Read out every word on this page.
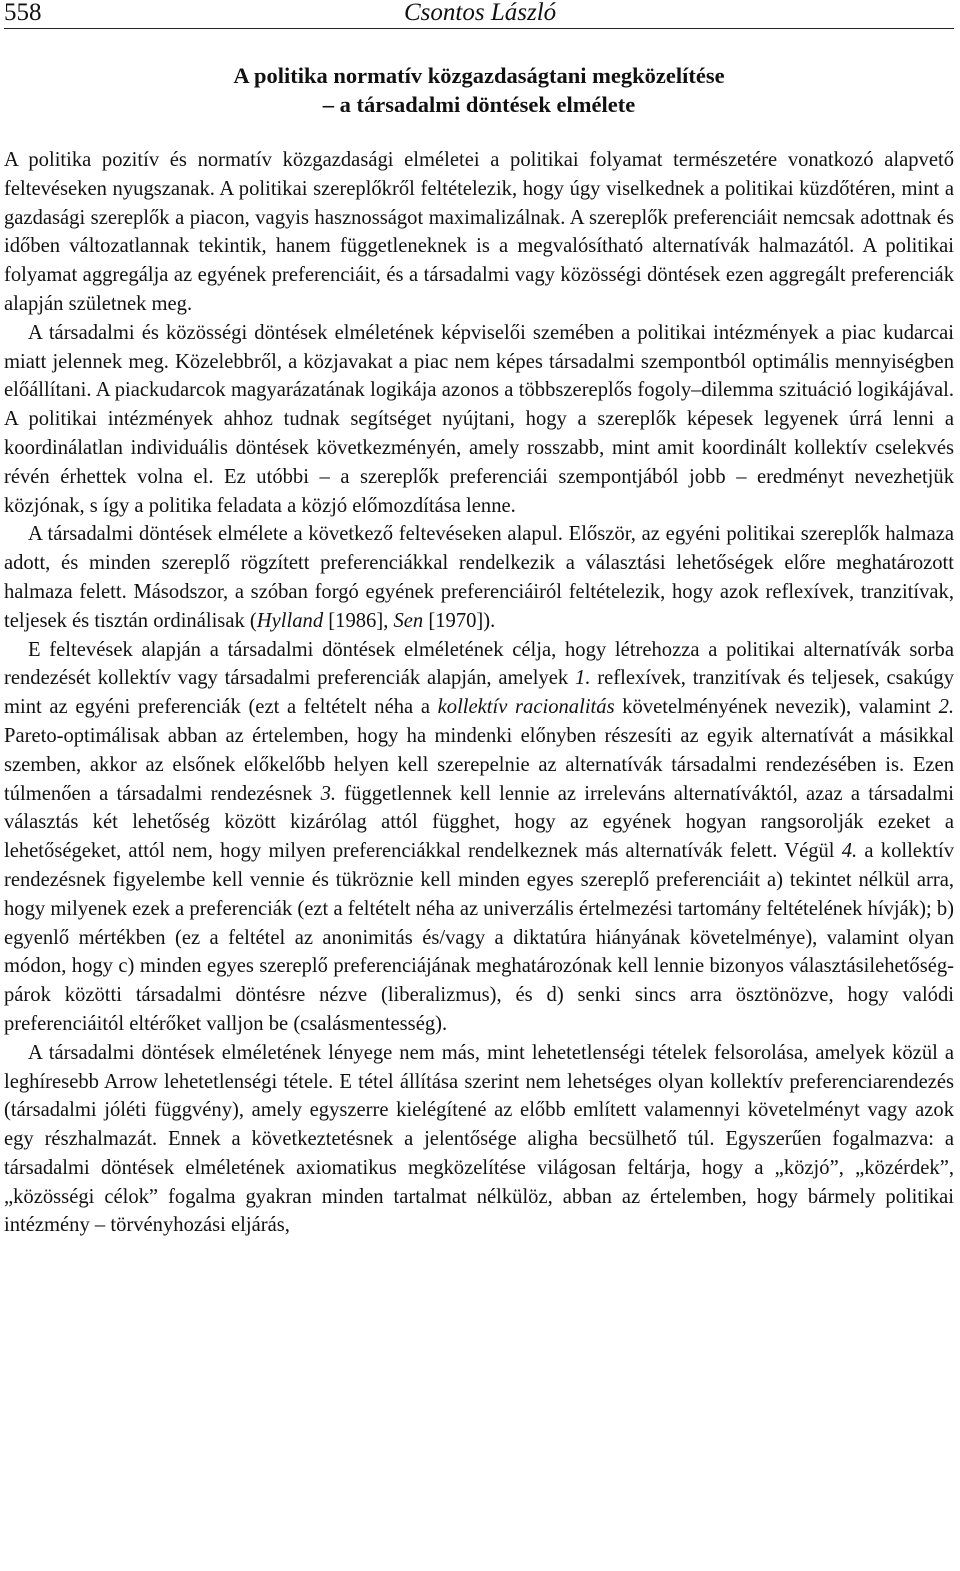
558	Csontos László
A politika normatív közgazdaságtani megközelítése
– a társadalmi döntések elmélete

A politika pozitív és normatív közgazdasági elméletei a politikai folyamat természetére vonatkozó alapvető feltevéseken nyugszanak. A politikai szereplőkről feltételezik, hogy úgy viselkednek a politikai küzdőtéren, mint a gazdasági szereplők a piacon, vagyis hasznosságot maximalizálnak. A szereplők preferenciáit nemcsak adottnak és időben változatlannak tekintik, hanem függetleneknek is a megvalósítható alternatívák halmazától. A politikai folyamat aggregálja az egyének preferenciáit, és a társadalmi vagy közösségi döntések ezen aggregált preferenciák alapján születnek meg.

A társadalmi és közösségi döntések elméletének képviselői szemében a politikai intézmények a piac kudarcai miatt jelennek meg. Közelebbről, a közjavakat a piac nem képes társadalmi szempontból optimális mennyiségben előállítani. A piackudarcok magyarázatának logikája azonos a többszereplős fogoly–dilemma szituáció logikájával. A politikai intézmények ahhoz tudnak segítséget nyújtani, hogy a szereplők képesek legyenek úrrá lenni a koordinálatlan individuális döntések következményén, amely rosszabb, mint amit koordinált kollektív cselekvés révén érhettek volna el. Ez utóbbi – a szereplők preferenciái szempontjából jobb – eredményt nevezhetjük közjónak, s így a politika feladata a közjó előmozdítása lenne.

A társadalmi döntések elmélete a következő feltevéseken alapul. Először, az egyéni politikai szereplők halmaza adott, és minden szereplő rögzített preferenciákkal rendelkezik a választási lehetőségek előre meghatározott halmaza felett. Másodszor, a szóban forgó egyének preferenciáiról feltételezik, hogy azok reflexívek, tranzitívak, teljesek és tisztán ordinálisak (Hylland [1986], Sen [1970]).

E feltevések alapján a társadalmi döntések elméletének célja, hogy létrehozza a politikai alternatívák sorba rendezését kollektív vagy társadalmi preferenciák alapján, amelyek 1. reflexívek, tranzitívak és teljesek, csakúgy mint az egyéni preferenciák (ezt a feltételt néha a kollektív racionalitás követelményének nevezik), valamint 2. Pareto-optimálisak abban az értelemben, hogy ha mindenki előnyben részesíti az egyik alternatívát a másikkal szemben, akkor az elsőnek előkelőbb helyen kell szerepelnie az alternatívák társadalmi rendezésében is. Ezen túlmenően a társadalmi rendezésnek 3. függetlennek kell lennie az irreleváns alternatíváktól, azaz a társadalmi választás két lehetőség között kizárólag attól függhet, hogy az egyének hogyan rangsorolják ezeket a lehetőségeket, attól nem, hogy milyen preferenciákkal rendelkeznek más alternatívák felett. Végül 4. a kollektív rendezésnek figyelembe kell vennie és tükröznie kell minden egyes szereplő preferenciáit a) tekintet nélkül arra, hogy milyenek ezek a preferenciák (ezt a feltételt néha az univerzális értelmezési tartomány feltételének hívják); b) egyenlő mértékben (ez a feltétel az anonimitás és/vagy a diktatúra hiányának követelménye), valamint olyan módon, hogy c) minden egyes szereplő preferenciájának meghatározónak kell lennie bizonyos választásilehetőség-párok közötti társadalmi döntésre nézve (liberalizmus), és d) senki sincs arra ösztönözve, hogy valódi preferenciáitól eltérőket valljon be (csalásmentesség).

A társadalmi döntések elméletének lényege nem más, mint lehetetlenségi tételek felsorolása, amelyek közül a leghíresebb Arrow lehetetlenségi tétele. E tétel állítása szerint nem lehetséges olyan kollektív preferenciarendezés (társadalmi jóléti függvény), amely egyszerre kielégítené az előbb említett valamennyi követelményt vagy azok egy részhalmazát. Ennek a következtetésnek a jelentősége aligha becsülhető túl. Egyszerűen fogalmazva: a társadalmi döntések elméletének axiomatikus megközelítése világosan feltárja, hogy a „közjó”, „közérdek”, „közösségi célok” fogalma gyakran minden tartalmat nélkülöz, abban az értelemben, hogy bármely politikai intézmény – törvényhozási eljárás,
